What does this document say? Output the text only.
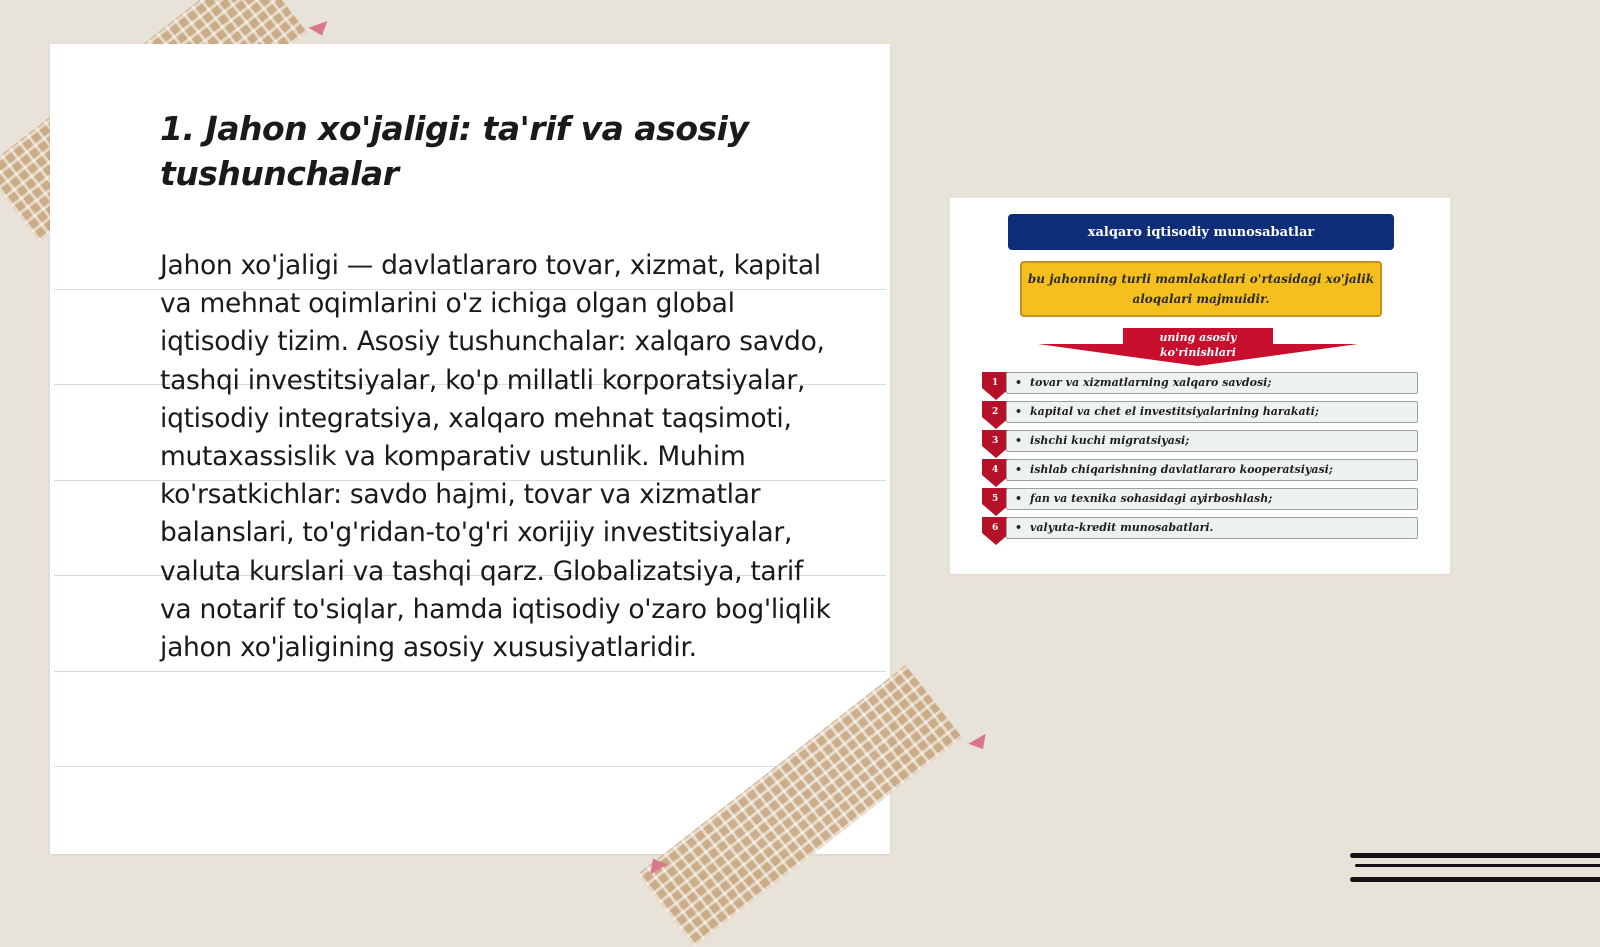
1. Jahon xo'jaligi: ta'rif va asosiy tushunchalar

Jahon xo'jaligi — davlatlararo tovar, xizmat, kapital va mehnat oqimlarini o'z ichiga olgan global iqtisodiy tizim. Asosiy tushunchalar: xalqaro savdo, tashqi investitsiyalar, ko'p millatli korporatsiyalar, iqtisodiy integratsiya, xalqaro mehnat taqsimoti, mutaxassislik va komparativ ustunlik. Muhim ko'rsatkichlar: savdo hajmi, tovar va xizmatlar balanslari, to'g'ridan-to'g'ri xorijiy investitsiyalar, valuta kurslari va tashqi qarz. Globalizatsiya, tarif va notarif to'siqlar, hamda iqtisodiy o'zaro bog'liqlik jahon xo'jaligining asosiy xususiyatlaridir.

xalqaro iqtisodiy munosabatlar
bu jahonning turli mamlakatlari o'rtasidagi xo'jalik aloqalari majmuidir.
uning asosiy ko'rinishlari
1	• tovar va xizmatlarning xalqaro savdosi;
2	• kapital va chet el investitsiyalarining harakati;
3	• ishchi kuchi migratsiyasi;
4	• ishlab chiqarishning davlatlararo kooperatsiyasi;
5	• fan va texnika sohasidagi ayirboshlash;
6	• valyuta-kredit munosabatlari.
